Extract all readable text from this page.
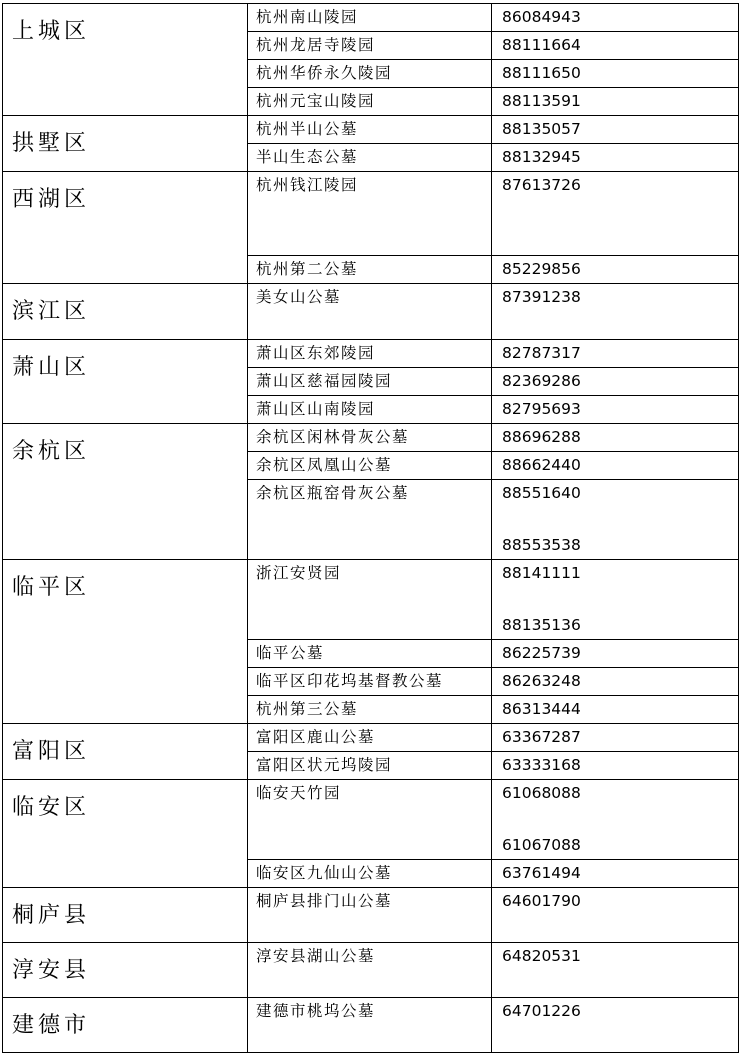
上城区	杭州南山陵园	86084943

	杭州龙居寺陵园	88111664

	杭州华侨永久陵园	88111650

	杭州元宝山陵园	88113591

拱墅区	杭州半山公墓	88135057

	半山生态公墓	88132945

西湖区	杭州钱江陵园	87613726

	杭州第二公墓	85229856

滨江区	美女山公墓	87391238

萧山区	萧山区东郊陵园	82787317

	萧山区慈福园陵园	82369286

	萧山区山南陵园	82795693

余杭区	余杭区闲林骨灰公墓	88696288

	余杭区凤凰山公墓	88662440

	余杭区瓶窑骨灰公墓	88551640
88553538

临平区	浙江安贤园	88141111
88135136

	临平公墓	86225739

	临平区印花坞基督教公墓	86263248

	杭州第三公墓	86313444

富阳区	富阳区鹿山公墓	63367287

	富阳区状元坞陵园	63333168

临安区	临安天竹园	61068088
61067088

	临安区九仙山公墓	63761494

桐庐县	桐庐县排门山公墓	64601790

淳安县	淳安县湖山公墓	64820531

建德市	建德市桃坞公墓	64701226
